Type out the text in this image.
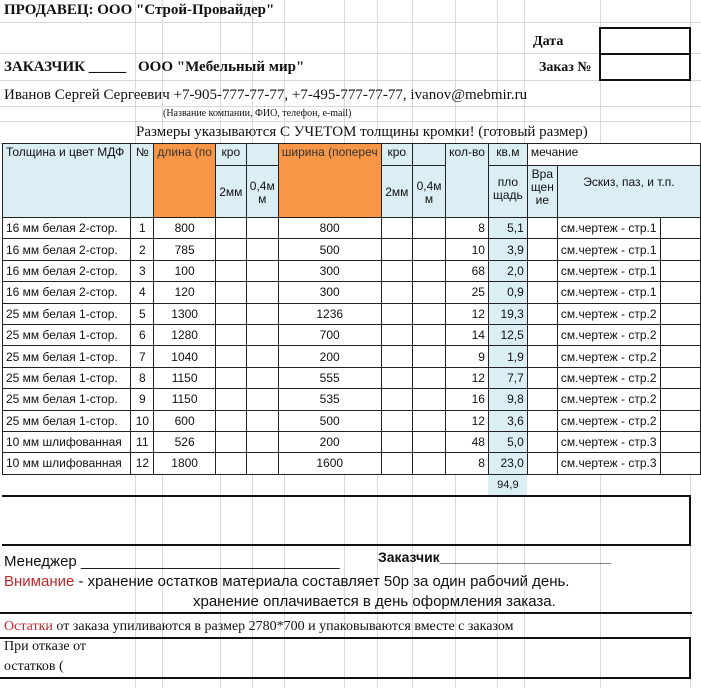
ПРОДАВЕЦ: ООО "Строй-Провайдер"
Дата
Заказ №
ЗАКАЗЧИК _____ ООО "Мебельный мир"
Иванов Сергей Сергеевич +7-905-777-77-77, +7-495-777-77-77, ivanov@mebmir.ru
(Название компании, ФИО, телефон, e-mail)
Размеры указываются С УЧЕТОМ толщины кромки! (готовый размер)
Толщина и цвет МДФ	№	длина (по	кро		ширина (попереч	кро		кол-во	кв.м	мечание		
			2мм	0,4м м		2мм	0,4м м		пло щадь	Вра щен ие	Эскиз, паз, и т.п.	
16 мм белая 2-стор.	1	800			800			8	5,1		см.чертеж - стр.1	
16 мм белая 2-стор.	2	785			500			10	3,9		см.чертеж - стр.1	
16 мм белая 2-стор.	3	100			300			68	2,0		см.чертеж - стр.1	
16 мм белая 2-стор.	4	120			300			25	0,9		см.чертеж - стр.1	
25 мм белая 1-стор.	5	1300			1236			12	19,3		см.чертеж - стр.2	
25 мм белая 1-стор.	6	1280			700			14	12,5		см.чертеж - стр.2	
25 мм белая 1-стор.	7	1040			200			9	1,9		см.чертеж - стр.2	
25 мм белая 1-стор.	8	1150			555			12	7,7		см.чертеж - стр.2	
25 мм белая 1-стор.	9	1150			535			16	9,8		см.чертеж - стр.2	
25 мм белая 1-стор.	10	600			500			12	3,6		см.чертеж - стр.2	
10 мм шлифованная	11	526			200			48	5,0		см.чертеж - стр.3	
10 мм шлифованная	12	1800			1600			8	23,0		см.чертеж - стр.3	
									94,9			
Менеджер _______________________________	Заказчик______________________
Внимание - хранение остатков материала составляет 50р за один рабочий день.
хранение оплачивается в день оформления заказа.
Остатки от заказа упиливаются в размер 2780*700 и упаковываются вместе с заказом
При отказе от
остатков (
